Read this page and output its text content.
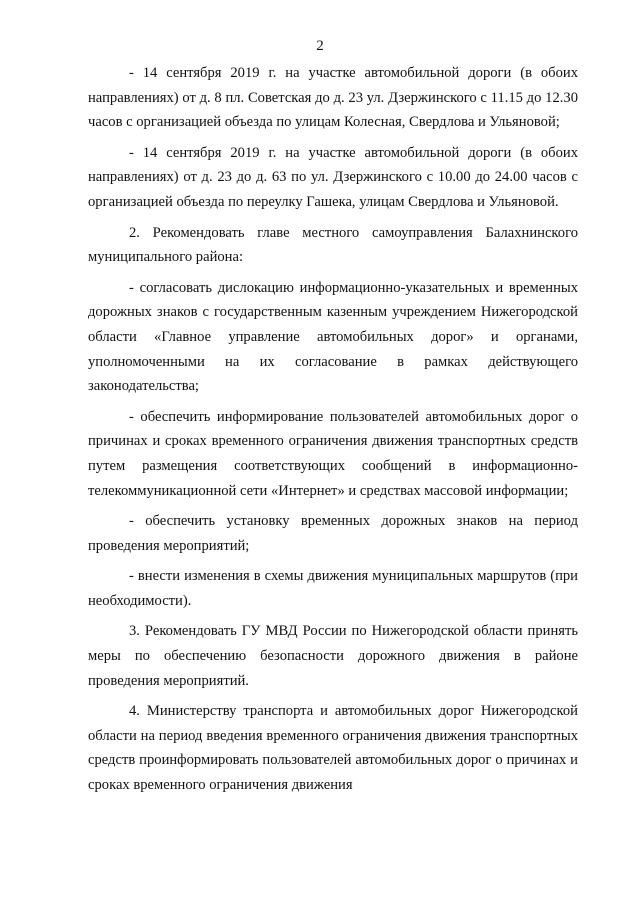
2

- 14 сентября 2019 г. на участке автомобильной дороги (в обоих направлениях) от д. 8 пл. Советская до д. 23 ул. Дзержинского с 11.15 до 12.30 часов с организацией объезда по улицам Колесная, Свердлова и Ульяновой;

- 14 сентября 2019 г. на участке автомобильной дороги (в обоих направлениях) от д. 23 до д. 63 по ул. Дзержинского с 10.00 до 24.00 часов с организацией объезда по переулку Гашека, улицам Свердлова и Ульяновой.

2. Рекомендовать главе местного самоуправления Балахнинского муниципального района:

- согласовать дислокацию информационно-указательных и временных дорожных знаков с государственным казенным учреждением Нижегородской области «Главное управление автомобильных дорог» и органами, уполномоченными на их согласование в рамках действующего законодательства;

- обеспечить информирование пользователей автомобильных дорог о причинах и сроках временного ограничения движения транспортных средств путем размещения соответствующих сообщений в информационно-телекоммуникационной сети «Интернет» и средствах массовой информации;

- обеспечить установку временных дорожных знаков на период проведения мероприятий;

- внести изменения в схемы движения муниципальных маршрутов (при необходимости).

3. Рекомендовать ГУ МВД России по Нижегородской области принять меры по обеспечению безопасности дорожного движения в районе проведения мероприятий.

4. Министерству транспорта и автомобильных дорог Нижегородской области на период введения временного ограничения движения транспортных средств проинформировать пользователей автомобильных дорог о причинах и сроках временного ограничения движения
